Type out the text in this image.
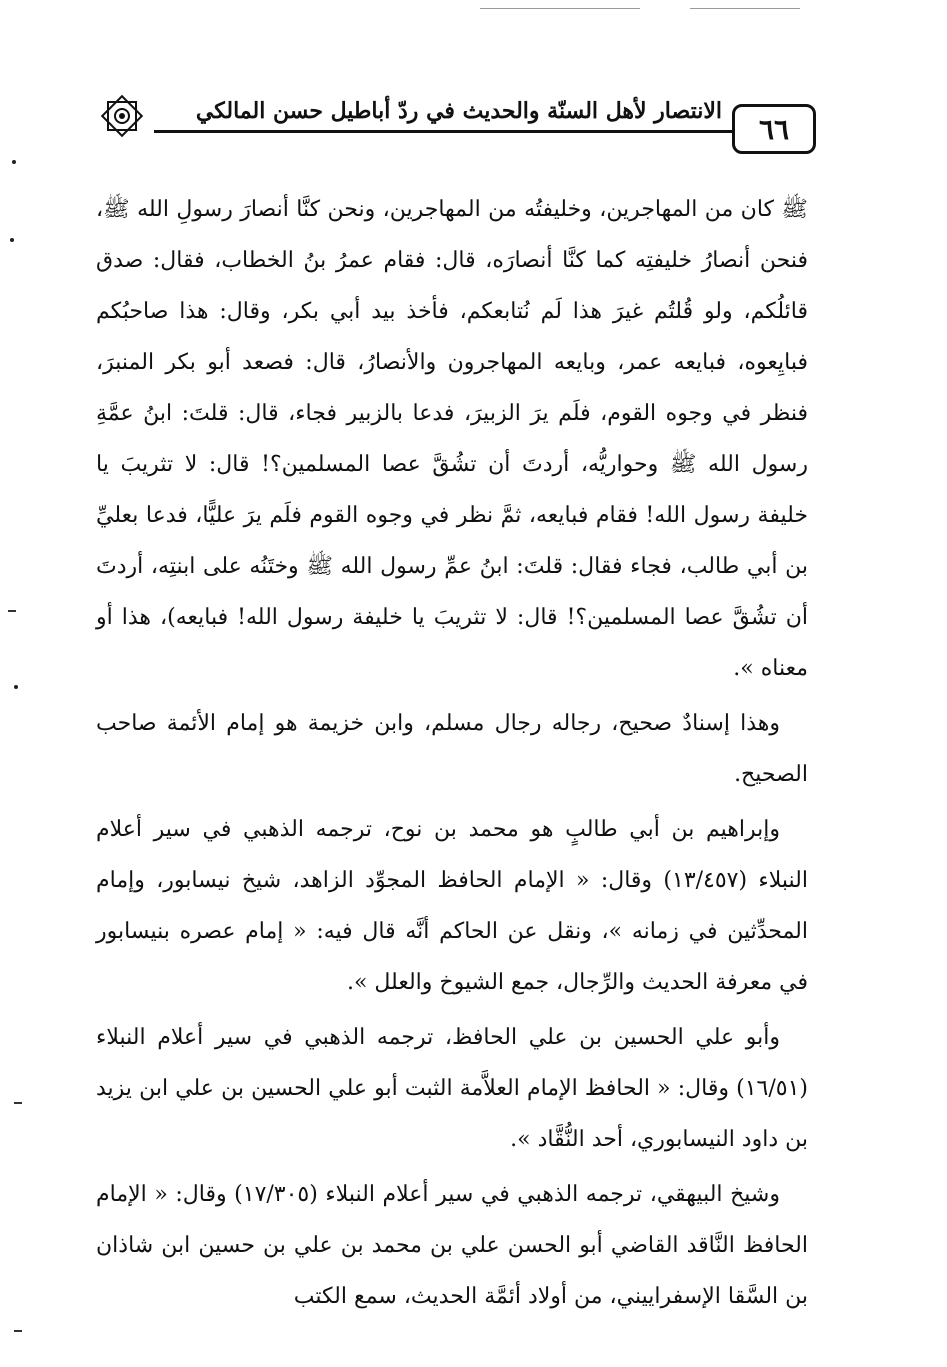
٦٦
الانتصار لأهل السنّة والحديث في ردّ أباطيل حسن المالكي

ﷺ كان من المهاجرين، وخليفتُه من المهاجرين، ونحن كنَّا أنصارَ رسولِ الله ﷺ، فنحن أنصارُ خليفتِه كما كنَّا أنصارَه، قال: فقام عمرُ بنُ الخطاب، فقال: صدق قائلُكم، ولو قُلتُم غيرَ هذا لَم نُتابعكم، فأخذ بيد أبي بكر، وقال: هذا صاحبُكم فبايِعوه، فبايعه عمر، وبايعه المهاجرون والأنصارُ، قال: فصعد أبو بكر المنبرَ، فنظر في وجوه القوم، فلَم يرَ الزبيرَ، فدعا بالزبير فجاء، قال: قلتَ: ابنُ عمَّةِ رسول الله ﷺ وحواريُّه، أردتَ أن تشُقَّ عصا المسلمين؟! قال: لا تثريبَ يا خليفة رسول الله! فقام فبايعه، ثمَّ نظر في وجوه القوم فلَم يرَ عليًّا، فدعا بعليِّ بن أبي طالب، فجاء فقال: قلتَ: ابنُ عمِّ رسول الله ﷺ وختَنُه على ابنتِه، أردتَ أن تشُقَّ عصا المسلمين؟! قال: لا تثريبَ يا خليفة رسول الله! فبايعه)، هذا أو معناه ».

وهذا إسنادٌ صحيح، رجاله رجال مسلم، وابن خزيمة هو إمام الأئمة صاحب الصحيح.

وإبراهيم بن أبي طالبٍ هو محمد بن نوح، ترجمه الذهبي في سير أعلام النبلاء (١٣/٤٥٧) وقال: « الإمام الحافظ المجوِّد الزاهد، شيخ نيسابور، وإمام المحدِّثين في زمانه »، ونقل عن الحاكم أنَّه قال فيه: « إمام عصره بنيسابور في معرفة الحديث والرِّجال، جمع الشيوخ والعلل ».

وأبو علي الحسين بن علي الحافظ، ترجمه الذهبي في سير أعلام النبلاء (١٦/٥١) وقال: « الحافظ الإمام العلاَّمة الثبت أبو علي الحسين بن علي ابن يزيد بن داود النيسابوري، أحد النُّقَّاد ».

وشيخ البيهقي، ترجمه الذهبي في سير أعلام النبلاء (١٧/٣٠٥) وقال: « الإمام الحافظ النَّاقد القاضي أبو الحسن علي بن محمد بن علي بن حسين ابن شاذان بن السَّقا الإسفراييني، من أولاد أئمَّة الحديث، سمع الكتب
